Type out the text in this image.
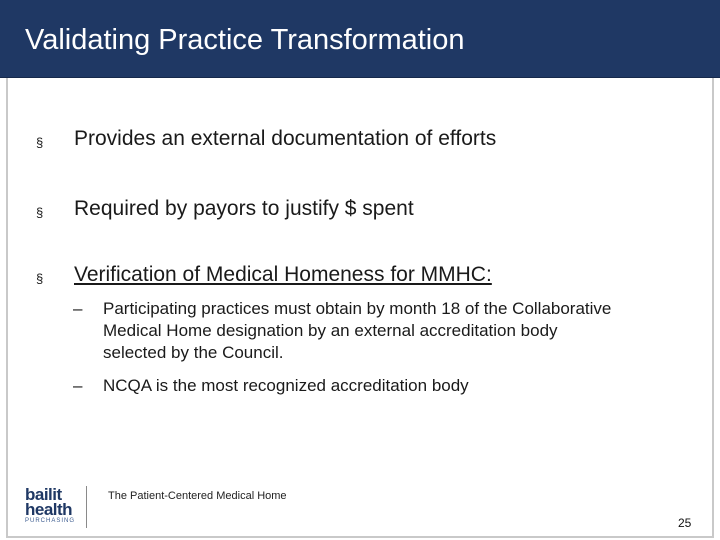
Validating Practice Transformation
§ Provides an external documentation of efforts
§ Required by payors to justify $ spent
§ Verification of Medical Homeness for MMHC:
– Participating practices must obtain by month 18 of the Collaborative Medical Home designation by an external accreditation body selected by the Council.
– NCQA is the most recognized accreditation body
bailit
health
PURCHASING
The Patient-Centered Medical Home
25
